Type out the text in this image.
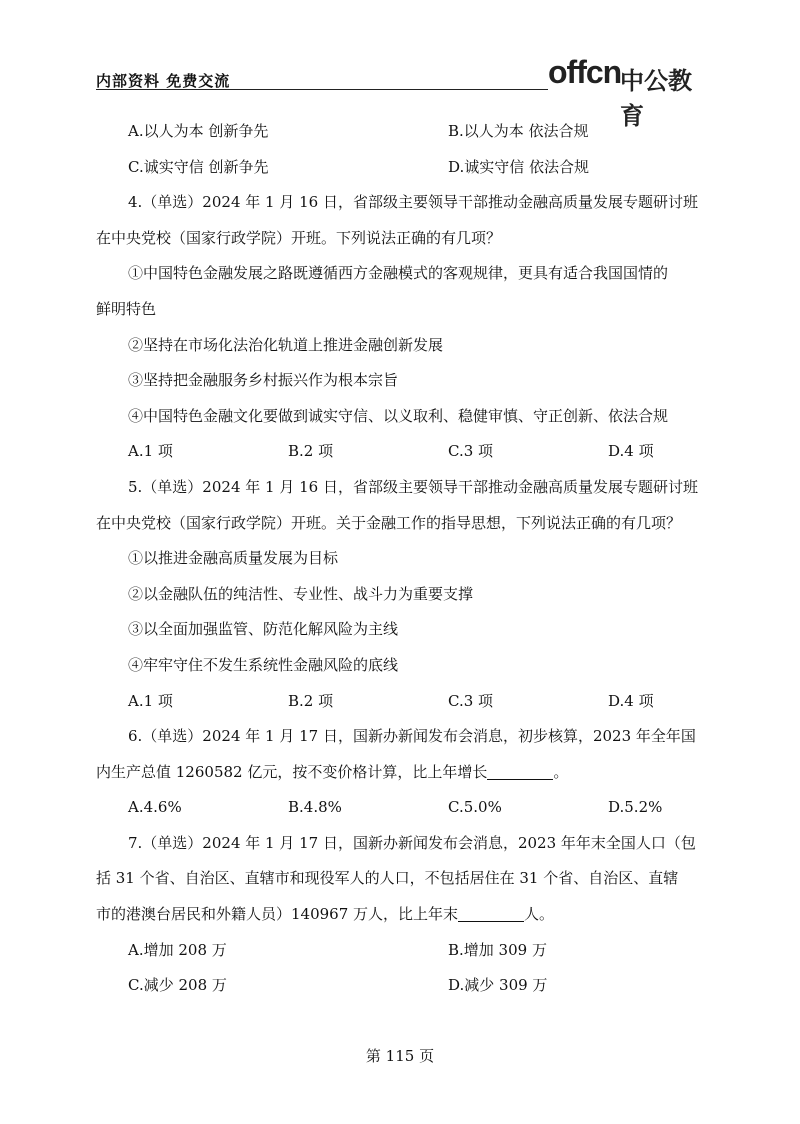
内部资料 免费交流	offcn
中公教育
A.以人为本 创新争先	B.以人为本 依法合规
C.诚实守信 创新争先	D.诚实守信 依法合规
4.（单选）2024 年 1 月 16 日，省部级主要领导干部推动金融高质量发展专题研讨班
在中央党校（国家行政学院）开班。下列说法正确的有几项？
①中国特色金融发展之路既遵循西方金融模式的客观规律，更具有适合我国国情的
鲜明特色
②坚持在市场化法治化轨道上推进金融创新发展
③坚持把金融服务乡村振兴作为根本宗旨
④中国特色金融文化要做到诚实守信、以义取利、稳健审慎、守正创新、依法合规
A.1 项	B.2 项	C.3 项	D.4 项
5.（单选）2024 年 1 月 16 日，省部级主要领导干部推动金融高质量发展专题研讨班
在中央党校（国家行政学院）开班。关于金融工作的指导思想，下列说法正确的有几项？
①以推进金融高质量发展为目标
②以金融队伍的纯洁性、专业性、战斗力为重要支撑
③以全面加强监管、防范化解风险为主线
④牢牢守住不发生系统性金融风险的底线
A.1 项	B.2 项	C.3 项	D.4 项
6.（单选）2024 年 1 月 17 日，国新办新闻发布会消息，初步核算，2023 年全年国
内生产总值 1260582 亿元，按不变价格计算，比上年增长	。
A.4.6%	B.4.8%	C.5.0%	D.5.2%
7.（单选）2024 年 1 月 17 日，国新办新闻发布会消息，2023 年年末全国人口（包
括 31 个省、自治区、直辖市和现役军人的人口，不包括居住在 31 个省、自治区、直辖
市的港澳台居民和外籍人员）140967 万人，比上年末	人。
A.增加 208 万	B.增加 309 万
C.减少 208 万	D.减少 309 万
第 115 页
